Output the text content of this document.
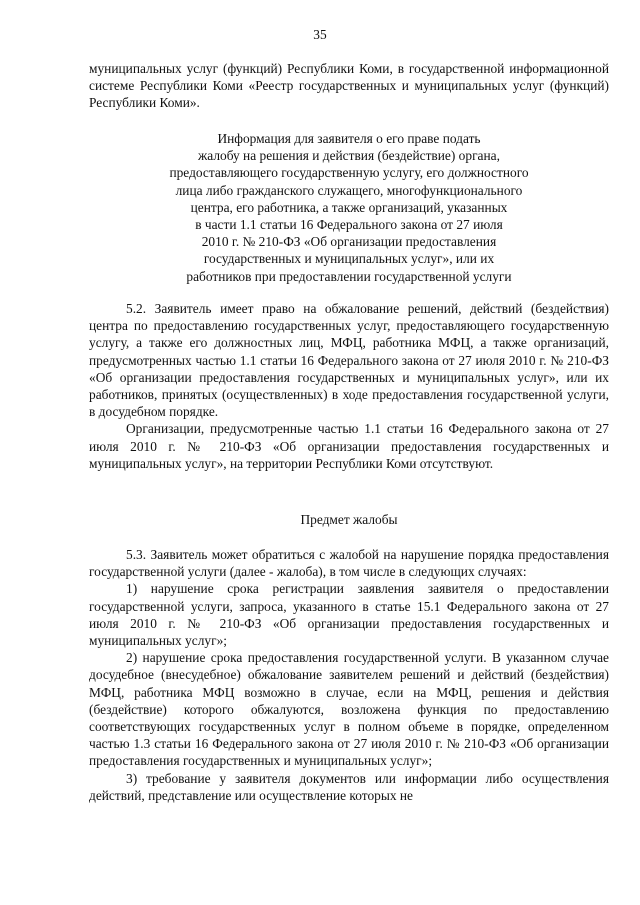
35

муниципальных услуг (функций) Республики Коми, в государственной информационной системе Республики Коми «Реестр государственных и муниципальных услуг (функций) Республики Коми».

Информация для заявителя о его праве подать
жалобу на решения и действия (бездействие) органа,
предоставляющего государственную услугу, его должностного
лица либо гражданского служащего, многофункционального
центра, его работника, а также организаций, указанных
в части 1.1 статьи 16 Федерального закона от 27 июля
2010 г. № 210-ФЗ «Об организации предоставления
государственных и муниципальных услуг», или их
работников при предоставлении государственной услуги

5.2. Заявитель имеет право на обжалование решений, действий (бездействия) центра по предоставлению государственных услуг, предоставляющего государственную услугу, а также его должностных лиц, МФЦ, работника МФЦ, а также организаций, предусмотренных частью 1.1 статьи 16 Федерального закона от 27 июля 2010 г. № 210-ФЗ «Об организации предоставления государственных и муниципальных услуг», или их работников, принятых (осуществленных) в ходе предоставления государственной услуги, в досудебном порядке.

Организации, предусмотренные частью 1.1 статьи 16 Федерального закона от 27 июля 2010 г. № 210-ФЗ «Об организации предоставления государственных и муниципальных услуг», на территории Республики Коми отсутствуют.

Предмет жалобы

5.3. Заявитель может обратиться с жалобой на нарушение порядка предоставления государственной услуги (далее - жалоба), в том числе в следующих случаях:

1) нарушение срока регистрации заявления заявителя о предоставлении государственной услуги, запроса, указанного в статье 15.1 Федерального закона от 27 июля 2010 г. № 210-ФЗ «Об организации предоставления государственных и муниципальных услуг»;

2) нарушение срока предоставления государственной услуги. В указанном случае досудебное (внесудебное) обжалование заявителем решений и действий (бездействия) МФЦ, работника МФЦ возможно в случае, если на МФЦ, решения и действия (бездействие) которого обжалуются, возложена функция по предоставлению соответствующих государственных услуг в полном объеме в порядке, определенном частью 1.3 статьи 16 Федерального закона от 27 июля 2010 г. № 210-ФЗ «Об организации предоставления государственных и муниципальных услуг»;

3) требование у заявителя документов или информации либо осуществления действий, представление или осуществление которых не
